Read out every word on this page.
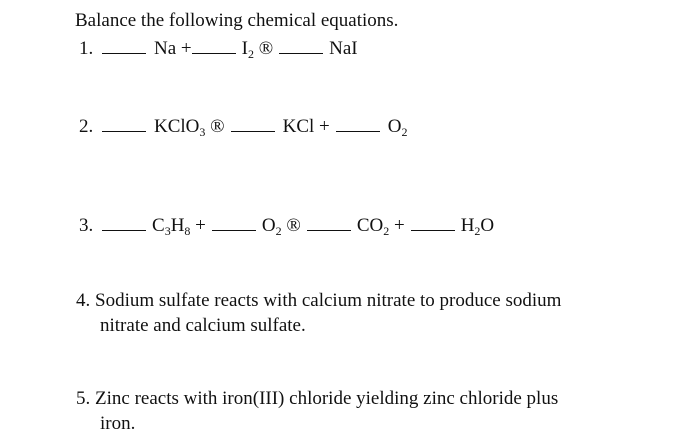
Balance the following chemical equations.
1.	Na +	$I_2$ ®	NaI
2.	KClO$_3$ ®	KCl +	$O_2$
3.	$C_3H_8$ +	$O_2$ ®	$CO_2$ +	$H_2O$
4. Sodium sulfate reacts with calcium nitrate to produce sodium
nitrate and calcium sulfate.
5. Zinc reacts with iron(III) chloride yielding zinc chloride plus
iron.
